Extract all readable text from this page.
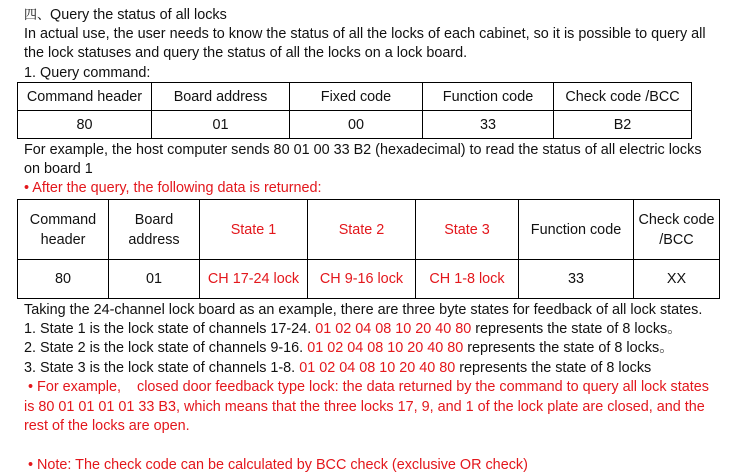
四、Query the status of all locks
In actual use, the user needs to know the status of all the locks of each cabinet, so it is possible to query all
the lock statuses and query the status of all the locks on a lock board.
1. Query command:
Command header	Board address	Fixed code	Function code	Check code /BCC
80	01	00	33	B2
For example, the host computer sends 80 01 00 33 B2 (hexadecimal) to read the status of all electric locks
on board 1
• After the query, the following data is returned:
Command header	Board address	State 1	State 2	State 3	Function code	Check code /BCC
80	01	CH 17-24 lock	CH 9-16 lock	CH 1-8 lock	33	XX
Taking the 24-channel lock board as an example, there are three byte states for feedback of all lock states.
1. State 1 is the lock state of channels 17-24. 01 02 04 08 10 20 40 80 represents the state of 8 locks。
2. State 2 is the lock state of channels 9-16. 01 02 04 08 10 20 40 80 represents the state of 8 locks。
3. State 3 is the lock state of channels 1-8. 01 02 04 08 10 20 40 80 represents the state of 8 locks
• For example,    closed door feedback type lock: the data returned by the command to query all lock states
is 80 01 01 01 01 33 B3, which means that the three locks 17, 9, and 1 of the lock plate are closed, and the
rest of the locks are open.
• Note: The check code can be calculated by BCC check (exclusive OR check)
